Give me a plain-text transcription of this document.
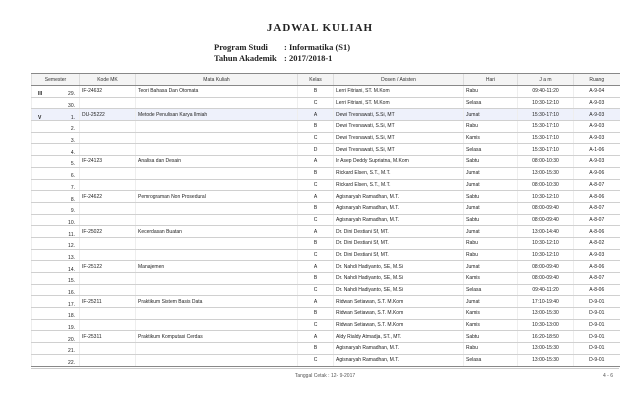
JADWAL KULIAH
Program Studi	: Informatika (S1)
Tahun Akademik : 2017/2018-1
Semester	Kode MK	Mata Kuliah	Kelas	Dosen / Asisten	Hari	J a m	Ruang

III 29.	IF-24632	Teori Bahasa Dan Otomata	B	Lerri Fitriani, ST. M.Kom	Rabu	09:40-11:20	A-9-04

30.			C	Lerri Fitriani, ST. M.Kom	Selasa	10:30-12:10	A-9-03

V 1.	DU-25222	Metode Penulisan Karya Ilmiah	A	Dewi Tresnawati, S.Si, MT	Jumat	15:30-17:10	A-9-03

2.			B	Dewi Tresnawati, S.Si, MT	Rabu	15:30-17:10	A-9-03

3.			C	Dewi Tresnawati, S.Si, MT	Kamis	15:30-17:10	A-9-03

4.			D	Dewi Tresnawati, S.Si, MT	Selasa	15:30-17:10	A-1-06

5.	IF-24123	Analisa dan Desain	A	Ir Asep Deddy Supriatna, M.Kom	Sabtu	08:00-10:30	A-9-03

6.			B	Rickard Elsen, S.T., M.T.	Jumat	13:00-15:30	A-9-06

7.			C	Rickard Elsen, S.T., M.T.	Jumat	08:00-10:30	A-8-07

8.	IF-24622	Pemrograman Non Prosedural	A	Agisnaryah Ramadhan, M.T.	Sabtu	10:30-12:10	A-8-06

9.			B	Agisnaryah Ramadhan, M.T.	Jumat	08:00-09:40	A-8-07

10.			C	Agisnaryah Ramadhan, M.T.	Sabtu	08:00-09:40	A-8-07

11.	IF-25022	Kecerdasan Buatan	A	Dr. Dini Destiani Sf, MT.	Jumat	13:00-14:40	A-8-06

12.			B	Dr. Dini Destiani Sf, MT.	Rabu	10:30-12:10	A-8-02

13.			C	Dr. Dini Destiani Sf, MT.	Rabu	10:30-12:10	A-9-03

14.	IF-25122	Manajemen	A	Dr. Nahdi Hadiyanto, SE, M.Si	Jumat	08:00-09:40	A-8-06

15.			B	Dr. Nahdi Hadiyanto, SE, M.Si	Kamis	08:00-09:40	A-8-07

16.			C	Dr. Nahdi Hadiyanto, SE, M.Si	Selasa	09:40-11:20	A-8-06

17.	IF-25211	Praktikum Sistem Basis Data	A	Ridwan Setiawan, S.T. M.Kom	Jumat	17:10-19:40	D-9-01

18.			B	Ridwan Setiawan, S.T. M.Kom	Kamis	13:00-15:30	D-9-01

19.			C	Ridwan Setiawan, S.T. M.Kom	Kamis	10:30-13:00	D-9-01

20.	IF-25311	Praktikum Komputasi Cerdas	A	Aldy Rialdy Atmadja, ST., MT.	Sabtu	16:20-18:50	D-9-01

21.			B	Agisnaryah Ramadhan, M.T.	Rabu	13:00-15:30	D-9-01

22.			C	Agisnaryah Ramadhan, M.T.	Selasa	13:00-15:30	D-9-01
Tanggal Cetak : 12- 9-2017	4 - 6
